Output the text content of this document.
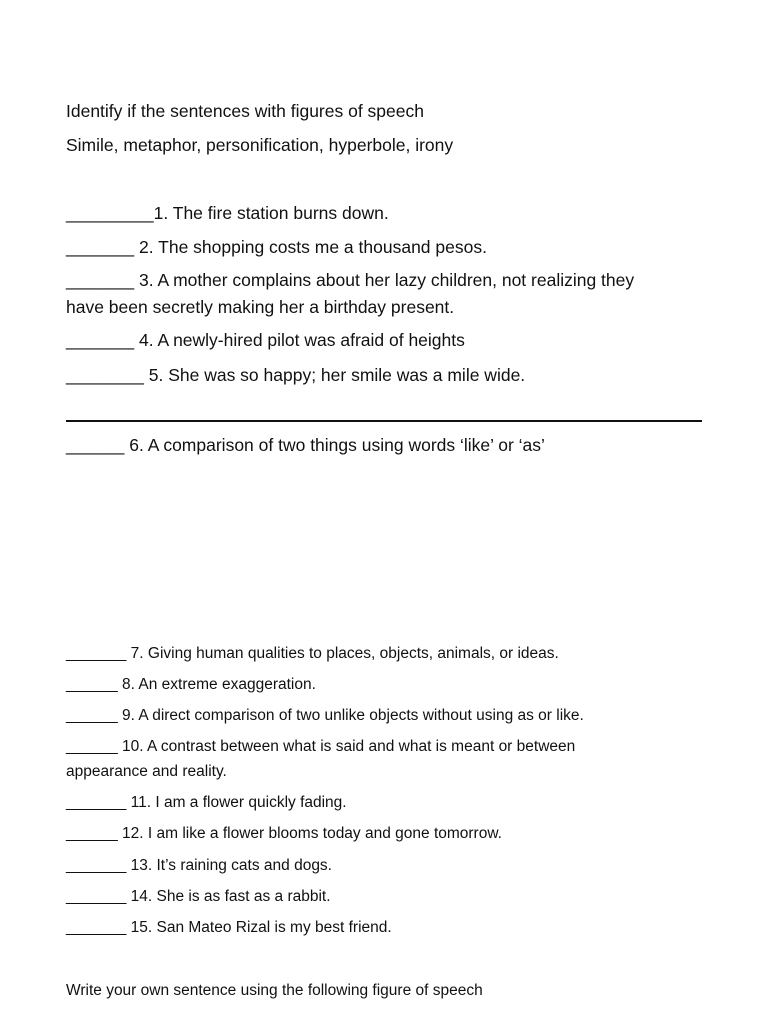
Identify if the sentences with figures of speech
Simile, metaphor, personification, hyperbole, irony
_________1. The fire station burns down.
_______ 2. The shopping costs me a thousand pesos.
_______ 3. A mother complains about her lazy children, not realizing they
have been secretly making her a birthday present.
_______ 4. A newly-hired pilot was afraid of heights
________ 5. She was so happy; her smile was a mile wide.
______ 6. A comparison of two things using words ‘like’ or ‘as’
_______ 7. Giving human qualities to places, objects, animals, or ideas.
______ 8. An extreme exaggeration.
______ 9. A direct comparison of two unlike objects without using as or like.
______ 10. A contrast between what is said and what is meant or between
appearance and reality.
_______ 11. I am a flower quickly fading.
______ 12. I am like a flower blooms today and gone tomorrow.
_______ 13. It’s raining cats and dogs.
_______ 14. She is as fast as a rabbit.
_______ 15. San Mateo Rizal is my best friend.
Write your own sentence using the following figure of speech
